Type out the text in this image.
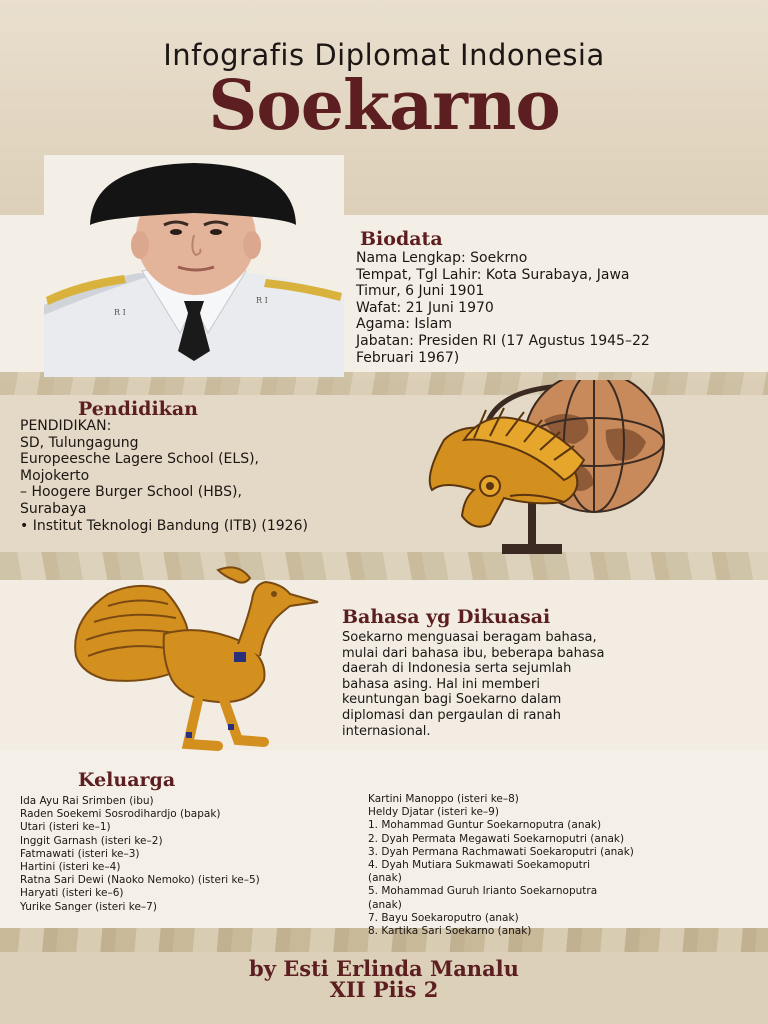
Infografis Diplomat Indonesia
Soekarno
R I
R I
Biodata
Nama Lengkap: Soekrno
Tempat, Tgl Lahir: Kota Surabaya, Jawa
Timur, 6 Juni 1901
Wafat: 21 Juni 1970
Agama: Islam
Jabatan: Presiden RI (17 Agustus 1945–22
Februari 1967)
Pendidikan
PENDIDIKAN:
SD, Tulungagung
Europeesche Lagere School (ELS),
Mojokerto
– Hoogere Burger School (HBS),
Surabaya
• Institut Teknologi Bandung (ITB) (1926)
Bahasa yg Dikuasai
Soekarno menguasai beragam bahasa,
mulai dari bahasa ibu, beberapa bahasa
daerah di Indonesia serta sejumlah
bahasa asing. Hal ini memberi
keuntungan bagi Soekarno dalam
diplomasi dan pergaulan di ranah
internasional.
Keluarga
Ida Ayu Rai Srimben (ibu)
Raden Soekemi Sosrodihardjo (bapak)
Utari (isteri ke–1)
Inggit Garnash (isteri ke–2)
Fatmawati (isteri ke–3)
Hartini (isteri ke–4)
Ratna Sari Dewi (Naoko Nemoko) (isteri ke–5)
Haryati (isteri ke–6)
Yurike Sanger (isteri ke–7)
Kartini Manoppo (isteri ke–8)
Heldy Djatar (isteri ke–9)
1. Mohammad Guntur Soekarnoputra (anak)
2. Dyah Permata Megawati Soekarnoputri (anak)
3. Dyah Permana Rachmawati Soekaroputri (anak)
4. Dyah Mutiara Sukmawati Soekamoputri
(anak)
5. Mohammad Guruh Irianto Soekarnoputra
(anak)
7. Bayu Soekaroputro (anak)
8. Kartika Sari Soekarno (anak)
by Esti Erlinda Manalu
XII Piis 2
